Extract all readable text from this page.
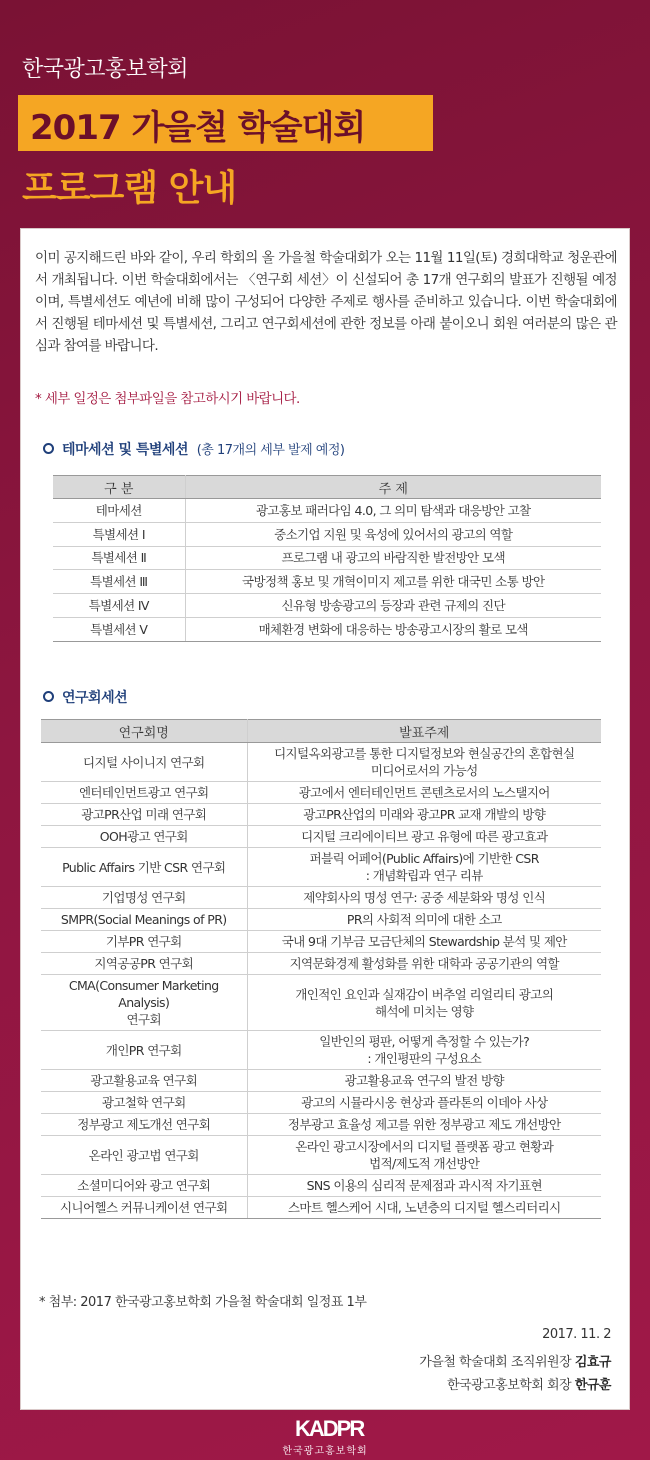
한국광고홍보학회
2017 가을철 학술대회
프로그램 안내

이미 공지해드린 바와 같이, 우리 학회의 올 가을철 학술대회가 오는 11월 11일(토) 경희대학교 청운관에서 개최됩니다. 이번 학술대회에서는 〈연구회 세션〉이 신설되어 총 17개 연구회의 발표가 진행될 예정이며, 특별세션도 예년에 비해 많이 구성되어 다양한 주제로 행사를 준비하고 있습니다. 이번 학술대회에서 진행될 테마세션 및 특별세션, 그리고 연구회세션에 관한 정보를 아래 붙이오니 회원 여러분의 많은 관심과 참여를 바랍니다.

* 세부 일정은 첨부파일을 참고하시기 바랍니다.

테마세션 및 특별세션 (총 17개의 세부 발제 예정)
구 분	주 제
테마세션	광고홍보 패러다임 4.0, 그 의미 탐색과 대응방안 고찰
특별세션 Ⅰ	중소기업 지원 및 육성에 있어서의 광고의 역할
특별세션 Ⅱ	프로그램 내 광고의 바람직한 발전방안 모색
특별세션 Ⅲ	국방정책 홍보 및 개혁이미지 제고를 위한 대국민 소통 방안
특별세션 Ⅳ	신유형 방송광고의 등장과 관련 규제의 진단
특별세션 Ⅴ	매체환경 변화에 대응하는 방송광고시장의 활로 모색
연구회세션
연구회명	발표주제
디지털 사이니지 연구회	디지털옥외광고를 통한 디지털정보와 현실공간의 혼합현실
미디어로서의 가능성
엔터테인먼트광고 연구회	광고에서 엔터테인먼트 콘텐츠로서의 노스탤지어
광고PR산업 미래 연구회	광고PR산업의 미래와 광고PR 교재 개발의 방향
OOH광고 연구회	디지털 크리에이티브 광고 유형에 따른 광고효과
Public Affairs 기반 CSR 연구회	퍼블릭 어페어(Public Affairs)에 기반한 CSR
: 개념확립과 연구 리뷰
기업명성 연구회	제약회사의 명성 연구: 공중 세분화와 명성 인식
SMPR(Social Meanings of PR)	PR의 사회적 의미에 대한 소고
기부PR 연구회	국내 9대 기부금 모금단체의 Stewardship 분석 및 제안
지역공공PR 연구회	지역문화경제 활성화를 위한 대학과 공공기관의 역할
CMA(Consumer Marketing Analysis)
연구회	개인적인 요인과 실재감이 버추얼 리얼리티 광고의
해석에 미치는 영향
개인PR 연구회	일반인의 평판, 어떻게 측정할 수 있는가?
: 개인평판의 구성요소
광고활용교육 연구회	광고활용교육 연구의 발전 방향
광고철학 연구회	광고의 시뮬라시옹 현상과 플라톤의 이데아 사상
정부광고 제도개선 연구회	정부광고 효율성 제고를 위한 정부광고 제도 개선방안
온라인 광고법 연구회	온라인 광고시장에서의 디지털 플랫폼 광고 현황과
법적/제도적 개선방안
소셜미디어와 광고 연구회	SNS 이용의 심리적 문제점과 과시적 자기표현
시니어헬스 커뮤니케이션 연구회	스마트 헬스케어 시대, 노년층의 디지털 헬스리터리시

* 첨부: 2017 한국광고홍보학회 가을철 학술대회 일정표 1부

2017. 11. 2

가을철 학술대회 조직위원장 김효규

한국광고홍보학회 회장 한규훈

KADPR
한국광고홍보학회
